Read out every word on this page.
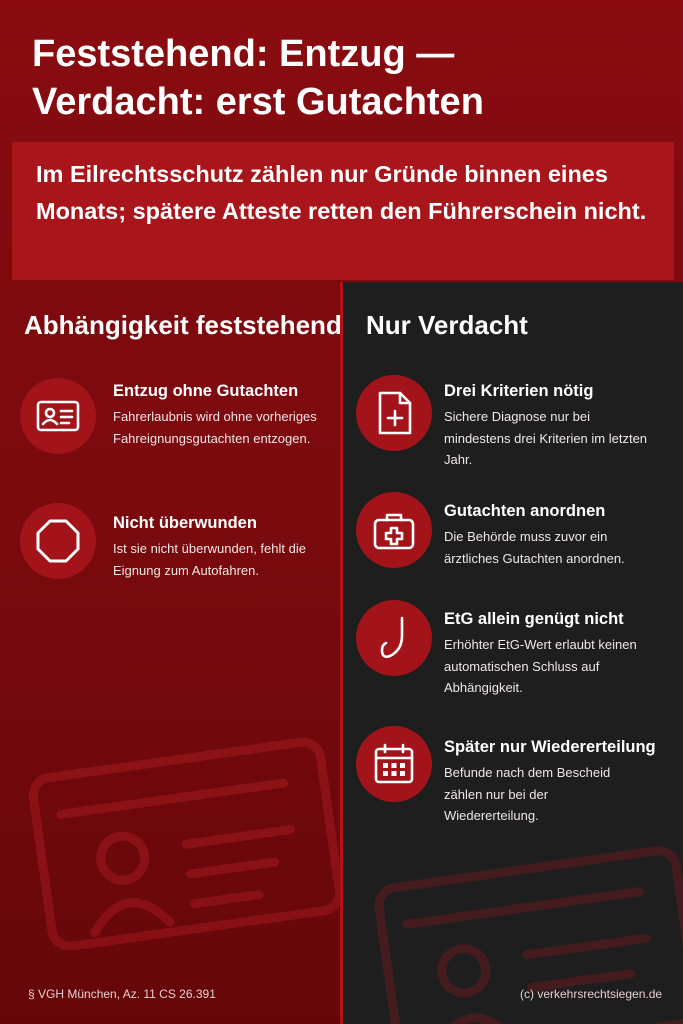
Feststehend: Entzug —
Verdacht: erst Gutachten

Im Eilrechtsschutz zählen nur Gründe binnen eines Monats; spätere Atteste retten den Führerschein nicht.

Abhängigkeit feststehend Nur Verdacht
Entzug ohne Gutachten
Fahrerlaubnis wird ohne vorheriges Fahreignungsgutachten entzogen.
Nicht überwunden
Ist sie nicht überwunden, fehlt die Eignung zum Autofahren.
Drei Kriterien nötig
Sichere Diagnose nur bei mindestens drei Kriterien im letzten Jahr.
Gutachten anordnen
Die Behörde muss zuvor ein ärztliches Gutachten anordnen.
EtG allein genügt nicht
Erhöhter EtG-Wert erlaubt keinen automatischen Schluss auf Abhängigkeit.
Später nur Wiedererteilung
Befunde nach dem Bescheid zählen nur bei der Wiedererteilung.
§ VGH München, Az. 11 CS 26.391	(c) verkehrsrechtsiegen.de
